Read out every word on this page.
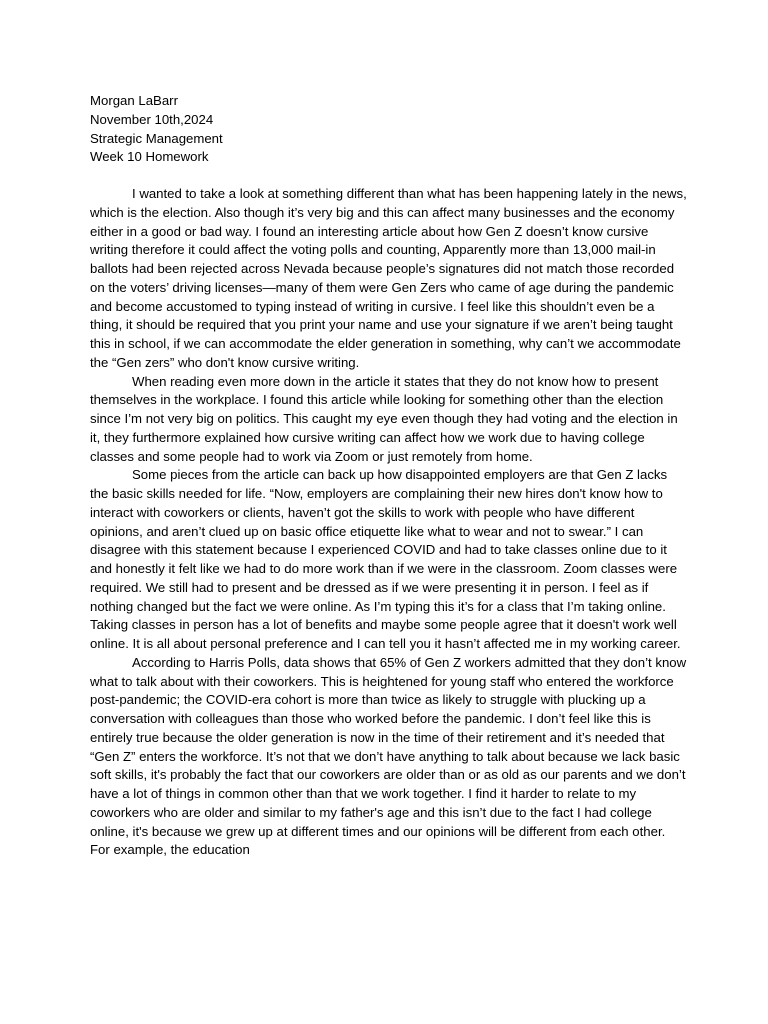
Morgan LaBarr
November 10th,2024
Strategic Management
Week 10 Homework

I wanted to take a look at something different than what has been happening lately in the news, which is the election. Also though it’s very big and this can affect many businesses and the economy either in a good or bad way. I found an interesting article about how Gen Z doesn’t know cursive writing therefore it could affect the voting polls and counting, Apparently more than 13,000 mail-in ballots had been rejected across Nevada because people’s signatures did not match those recorded on the voters’ driving licenses—many of them were Gen Zers who came of age during the pandemic and become accustomed to typing instead of writing in cursive. I feel like this shouldn’t even be a thing, it should be required that you print your name and use your signature if we aren’t being taught this in school, if we can accommodate the elder generation in something, why can’t we accommodate the “Gen zers” who don't know cursive writing.

When reading even more down in the article it states that they do not know how to present themselves in the workplace. I found this article while looking for something other than the election since I’m not very big on politics. This caught my eye even though they had voting and the election in it, they furthermore explained how cursive writing can affect how we work due to having college classes and some people had to work via Zoom or just remotely from home.

Some pieces from the article can back up how disappointed employers are that Gen Z lacks the basic skills needed for life. “Now, employers are complaining their new hires don't know how to interact with coworkers or clients, haven’t got the skills to work with people who have different opinions, and aren’t clued up on basic office etiquette like what to wear and not to swear.” I can disagree with this statement because I experienced COVID and had to take classes online due to it and honestly it felt like we had to do more work than if we were in the classroom. Zoom classes were required. We still had to present and be dressed as if we were presenting it in person. I feel as if nothing changed but the fact we were online. As I’m typing this it’s for a class that I’m taking online. Taking classes in person has a lot of benefits and maybe some people agree that it doesn't work well online. It is all about personal preference and I can tell you it hasn’t affected me in my working career.

According to Harris Polls, data shows that 65% of Gen Z workers admitted that they don’t know what to talk about with their coworkers. This is heightened for young staff who entered the workforce post-pandemic; the COVID-era cohort is more than twice as likely to struggle with plucking up a conversation with colleagues than those who worked before the pandemic. I don’t feel like this is entirely true because the older generation is now in the time of their retirement and it’s needed that “Gen Z” enters the workforce. It’s not that we don’t have anything to talk about because we lack basic soft skills, it's probably the fact that our coworkers are older than or as old as our parents and we don’t have a lot of things in common other than that we work together. I find it harder to relate to my coworkers who are older and similar to my father's age and this isn’t due to the fact I had college online, it's because we grew up at different times and our opinions will be different from each other. For example, the education
